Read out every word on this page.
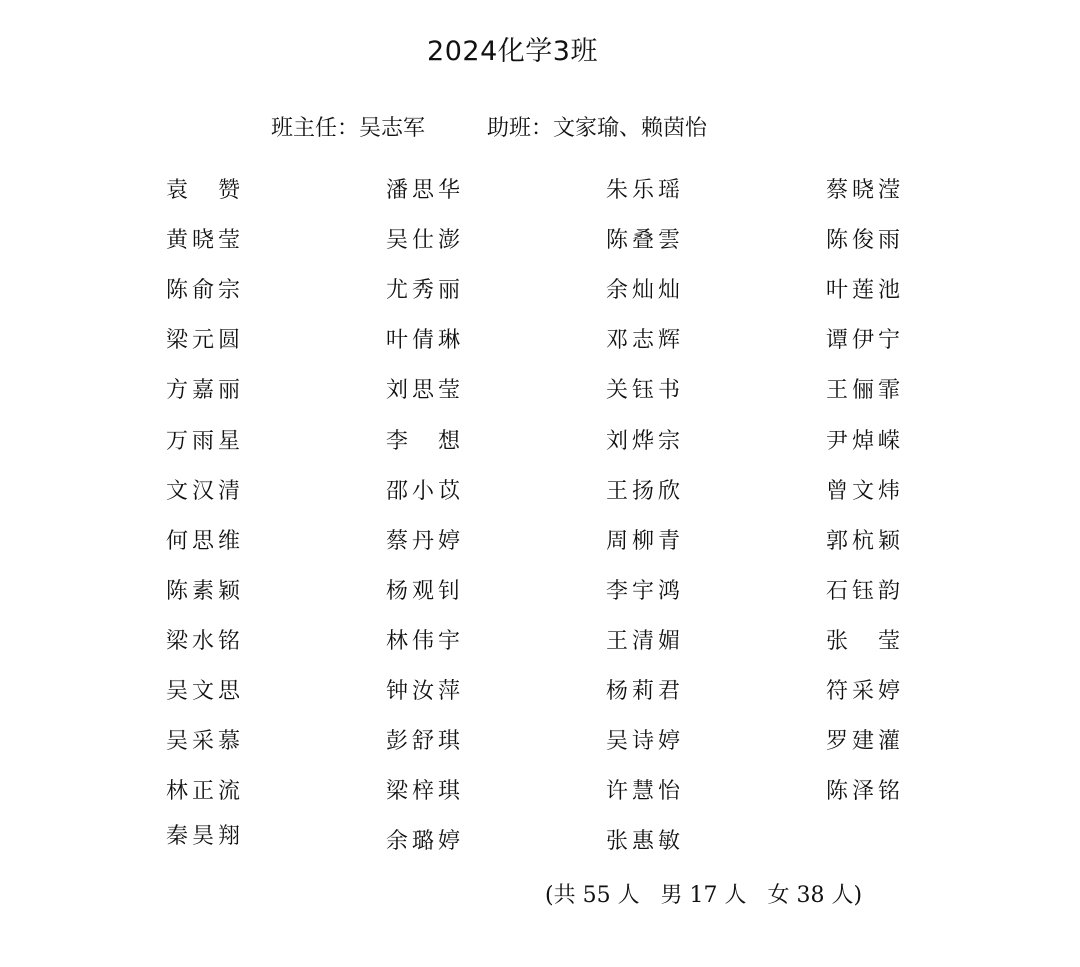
2024化学3班
班主任：吴志军	助班：文家瑜、赖茵怡
袁　赞
黄晓莹
陈俞宗
梁元圆
方嘉丽
万雨星
文汉清
何思维
陈素颖
梁水铭
吴文思
吴采慕
林正流
秦昊翔
潘思华
吴仕澎
尤秀丽
叶倩琳
刘思莹
李　想
邵小苡
蔡丹婷
杨观钊
林伟宇
钟汝萍
彭舒琪
梁梓琪
余璐婷
朱乐瑶
陈叠雲
余灿灿
邓志辉
关钰书
刘烨宗
王扬欣
周柳青
李宇鸿
王清媚
杨莉君
吴诗婷
许慧怡
张惠敏
蔡晓滢
陈俊雨
叶莲池
谭伊宁
王俪霏
尹焯嵘
曾文炜
郭杭颖
石钰韵
张　莹
符采婷
罗建灌
陈泽铭
(共 55 人   男 17 人   女 38 人)
